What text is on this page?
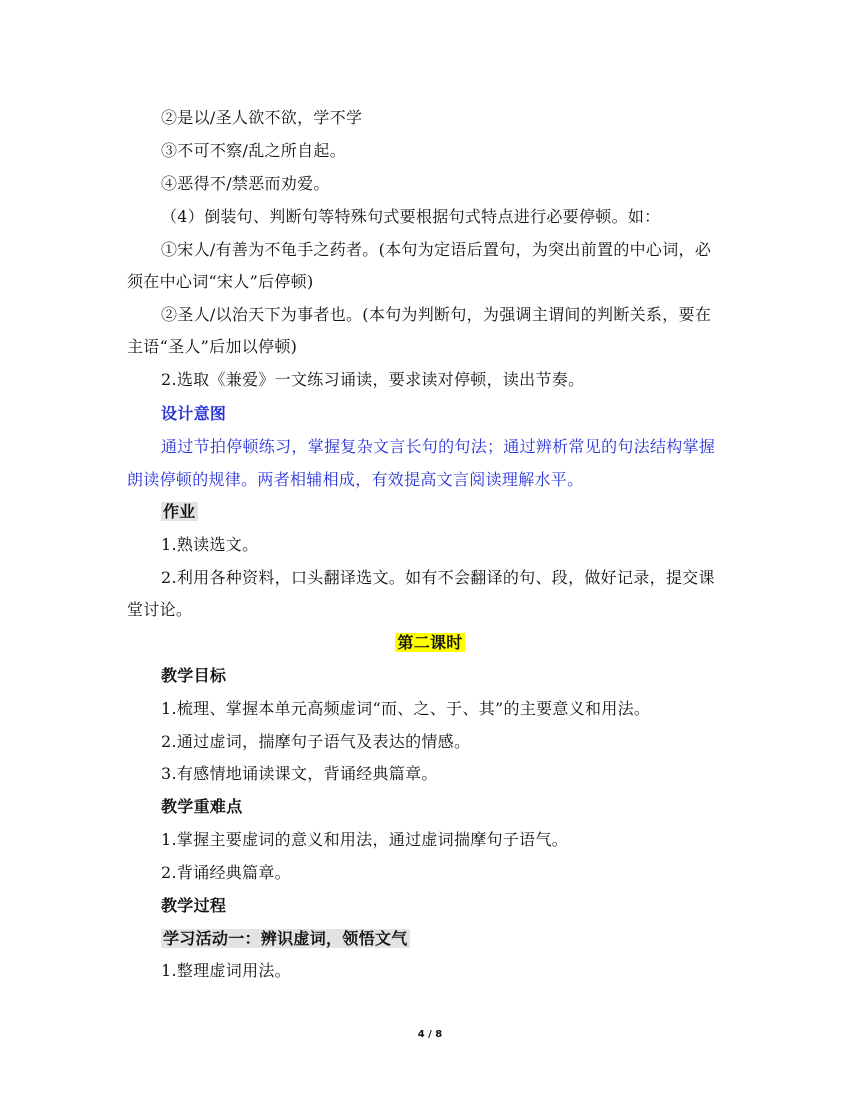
②是以/圣人欲不欲，学不学
③不可不察/乱之所自起。
④恶得不/禁恶而劝爱。
（4）倒装句、判断句等特殊句式要根据句式特点进行必要停顿。如：
①宋人/有善为不龟手之药者。(本句为定语后置句，为突出前置的中心词，必
须在中心词“宋人”后停顿)
②圣人/以治天下为事者也。(本句为判断句，为强调主谓间的判断关系，要在
主语“圣人”后加以停顿)
2.选取《兼爱》一文练习诵读，要求读对停顿，读出节奏。
设计意图
通过节拍停顿练习，掌握复杂文言长句的句法；通过辨析常见的句法结构掌握
朗读停顿的规律。两者相辅相成，有效提高文言阅读理解水平。
作业
1.熟读选文。
2.利用各种资料，口头翻译选文。如有不会翻译的句、段，做好记录，提交课
堂讨论。
第二课时
教学目标
1.梳理、掌握本单元高频虚词“而、之、于、其”的主要意义和用法。
2.通过虚词，揣摩句子语气及表达的情感。
3.有感情地诵读课文，背诵经典篇章。
教学重难点
1.掌握主要虚词的意义和用法，通过虚词揣摩句子语气。
2.背诵经典篇章。
教学过程
学习活动一：辨识虚词，领悟文气
1.整理虚词用法。
4 / 8
